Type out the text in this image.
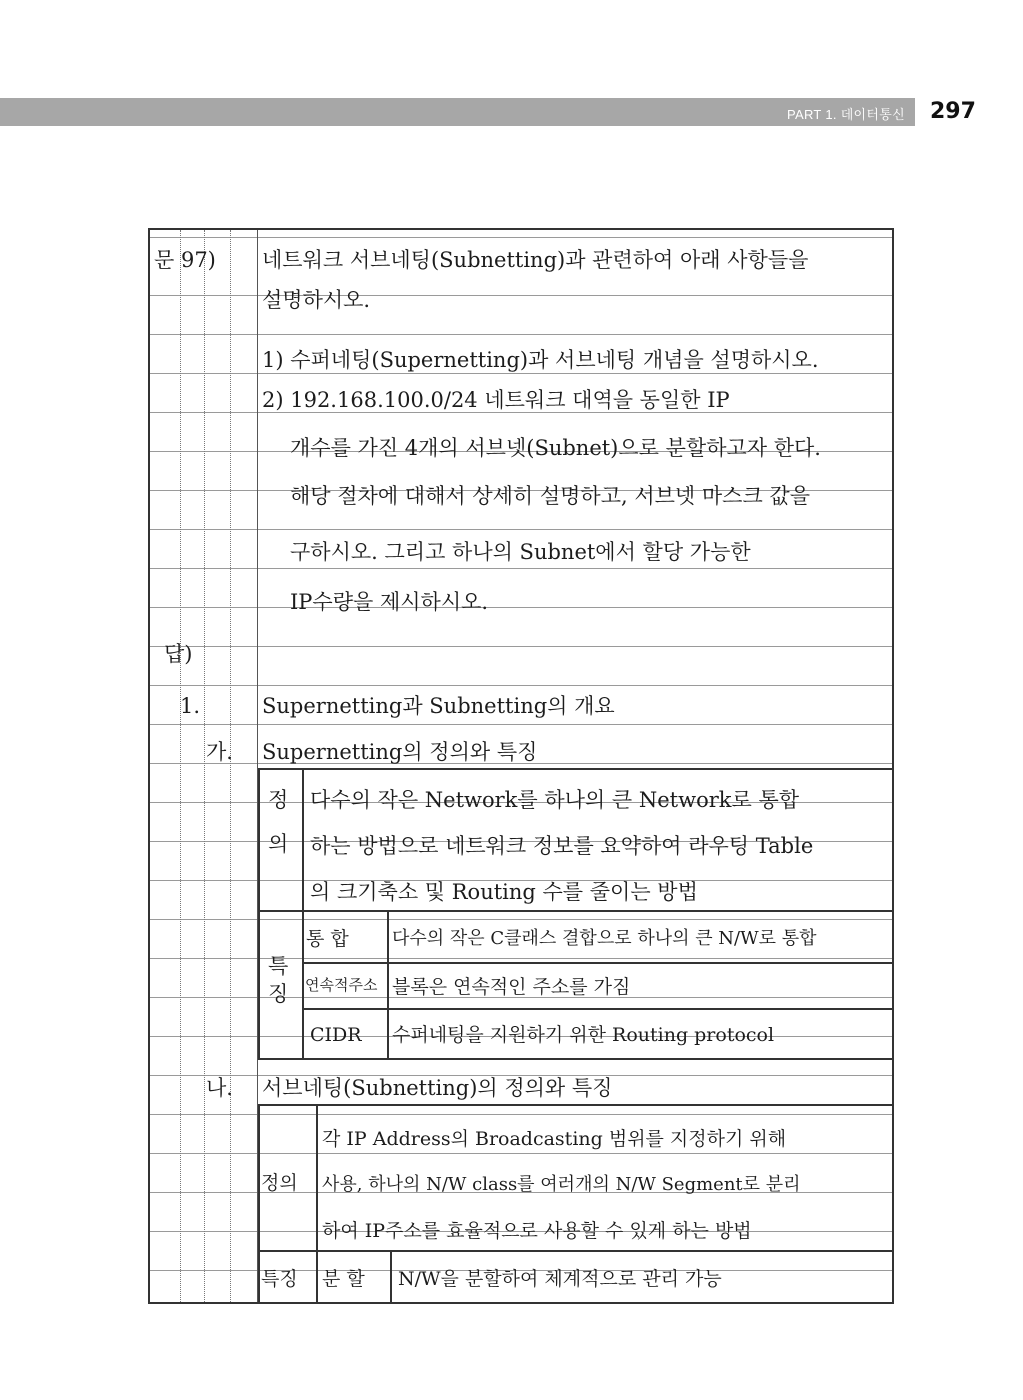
PART 1. 데이터통신 297
문 97) 네트워크 서브네팅(Subnetting)과 관련하여 아래 사항들을
설명하시오.
1) 수퍼네팅(Supernetting)과 서브네팅 개념을 설명하시오.
2) 192.168.100.0/24 네트워크 대역을 동일한 IP
개수를 가진 4개의 서브넷(Subnet)으로 분할하고자 한다.
해당 절차에 대해서 상세히 설명하고, 서브넷 마스크 값을
구하시오. 그리고 하나의 Subnet에서 할당 가능한
IP수량을 제시하시오.
답)
1.	Supernetting과 Subnetting의 개요
가. Supernetting의 정의와 특징
정
의
다수의 작은 Network를 하나의 큰 Network로 통합
하는 방법으로 네트워크 정보를 요약하여 라우팅 Table
의 크기축소 및 Routing 수를 줄이는 방법
특
징
통 합 다수의 작은 C클래스 결합으로 하나의 큰 N/W로 통합
연속적주소 블록은 연속적인 주소를 가짐
CIDR 수퍼네팅을 지원하기 위한 Routing protocol
나. 서브네팅(Subnetting)의 정의와 특징
정의
각 IP Address의 Broadcasting 범위를 지정하기 위해
사용, 하나의 N/W class를 여러개의 N/W Segment로 분리
하여 IP주소를 효율적으로 사용할 수 있게 하는 방법
특징 분 할 N/W을 분할하여 체계적으로 관리 가능
